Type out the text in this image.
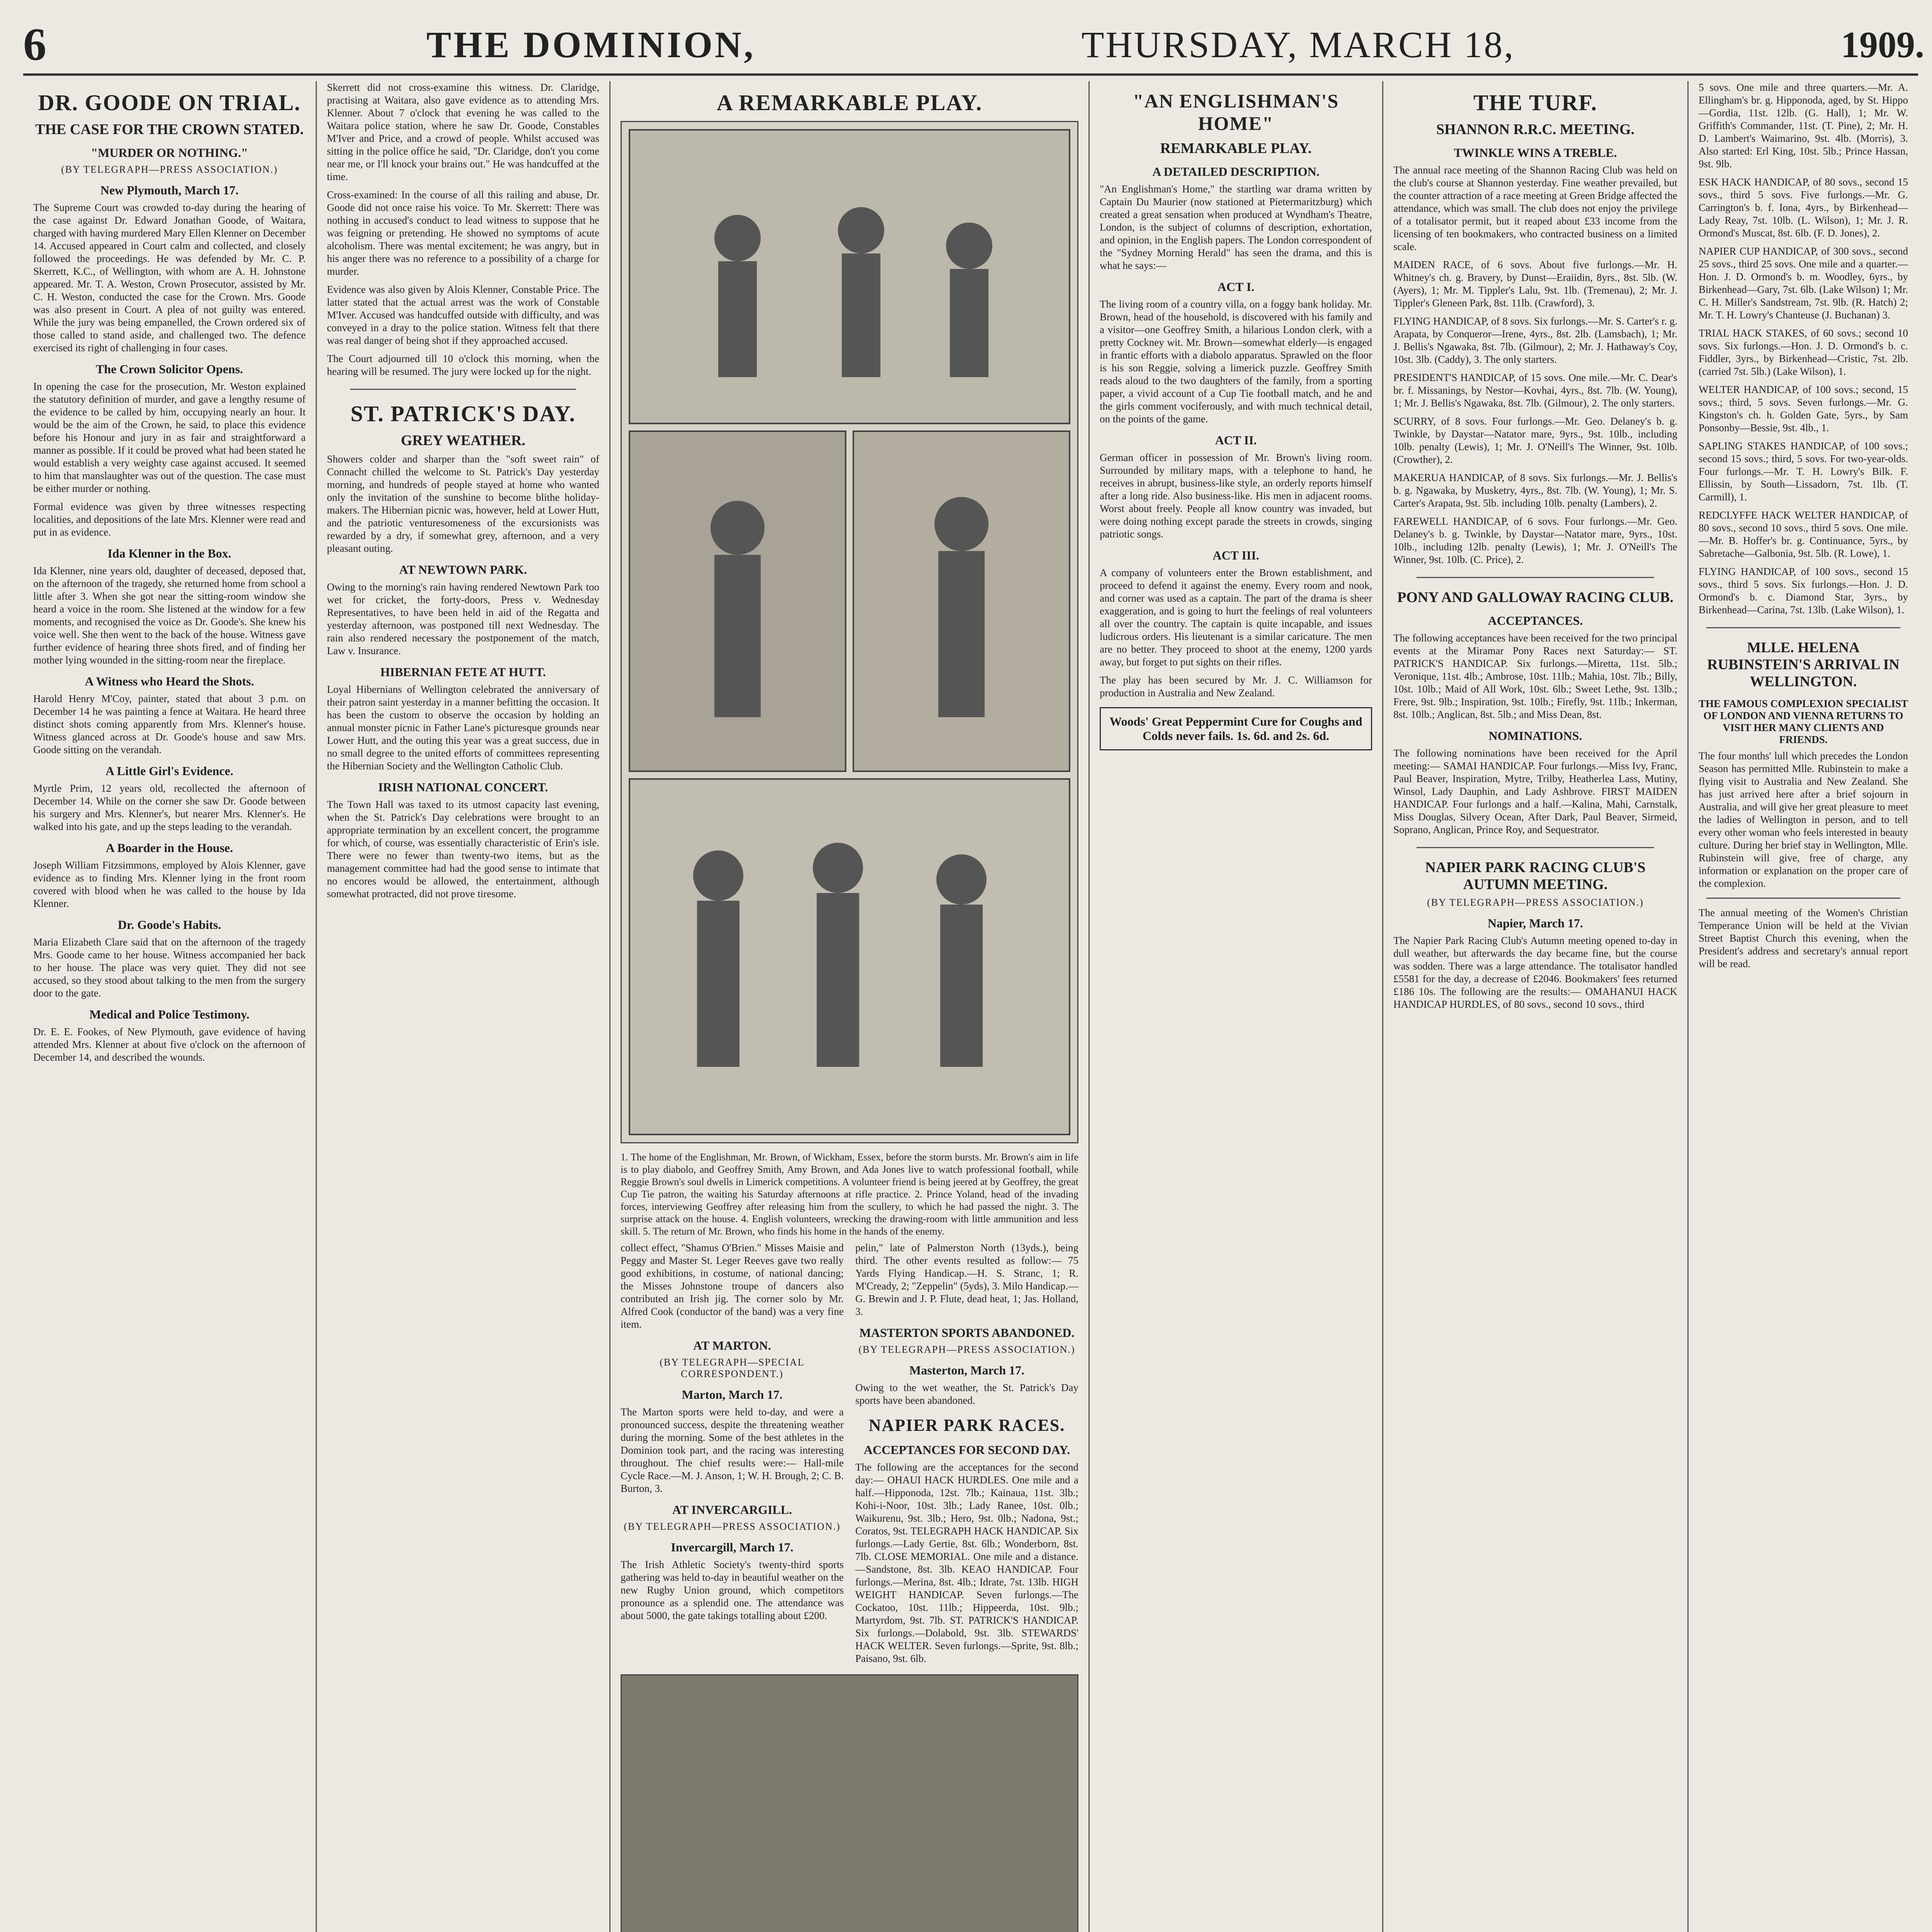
6	THE DOMINION,	THURSDAY, MARCH 18,	1909.
DR. GOODE ON TRIAL.
THE CASE FOR THE CROWN STATED.
"MURDER OR NOTHING."
(BY TELEGRAPH—PRESS ASSOCIATION.)
New Plymouth, March 17.

The Supreme Court was crowded to-day during the hearing of the case against Dr. Edward Jonathan Goode, of Waitara, charged with having murdered Mary Ellen Klenner on December 14. Accused appeared in Court calm and collected, and closely followed the proceedings. He was defended by Mr. C. P. Skerrett, K.C., of Wellington, with whom are A. H. Johnstone appeared. Mr. T. A. Weston, Crown Prosecutor, assisted by Mr. C. H. Weston, conducted the case for the Crown. Mrs. Goode was also present in Court. A plea of not guilty was entered. While the jury was being empanelled, the Crown ordered six of those called to stand aside, and challenged two. The defence exercised its right of challenging in four cases.

The Crown Solicitor Opens.

In opening the case for the prosecution, Mr. Weston explained the statutory definition of murder, and gave a lengthy resume of the evidence to be called by him, occupying nearly an hour. It would be the aim of the Crown, he said, to place this evidence before his Honour and jury in as fair and straightforward a manner as possible. If it could be proved what had been stated he would establish a very weighty case against accused. It seemed to him that manslaughter was out of the question. The case must be either murder or nothing.

Formal evidence was given by three witnesses respecting localities, and depositions of the late Mrs. Klenner were read and put in as evidence.

Ida Klenner in the Box.

Ida Klenner, nine years old, daughter of deceased, deposed that, on the afternoon of the tragedy, she returned home from school a little after 3. When she got near the sitting-room window she heard a voice in the room. She listened at the window for a few moments, and recognised the voice as Dr. Goode's. She knew his voice well. She then went to the back of the house. Witness gave further evidence of hearing three shots fired, and of finding her mother lying wounded in the sitting-room near the fireplace.

A Witness who Heard the Shots.

Harold Henry M'Coy, painter, stated that about 3 p.m. on December 14 he was painting a fence at Waitara. He heard three distinct shots coming apparently from Mrs. Klenner's house. Witness glanced across at Dr. Goode's house and saw Mrs. Goode sitting on the verandah.

A Little Girl's Evidence.

Myrtle Prim, 12 years old, recollected the afternoon of December 14. While on the corner she saw Dr. Goode between his surgery and Mrs. Klenner's, but nearer Mrs. Klenner's. He walked into his gate, and up the steps leading to the verandah.

A Boarder in the House.

Joseph William Fitzsimmons, employed by Alois Klenner, gave evidence as to finding Mrs. Klenner lying in the front room covered with blood when he was called to the house by Ida Klenner.

Dr. Goode's Habits.

Maria Elizabeth Clare said that on the afternoon of the tragedy Mrs. Goode came to her house. Witness accompanied her back to her house. The place was very quiet. They did not see accused, so they stood about talking to the men from the surgery door to the gate.

Medical and Police Testimony.

Dr. E. E. Fookes, of New Plymouth, gave evidence of having attended Mrs. Klenner at about five o'clock on the afternoon of December 14, and described the wounds.

Skerrett did not cross-examine this witness. Dr. Claridge, practising at Waitara, also gave evidence as to attending Mrs. Klenner. About 7 o'clock that evening he was called to the Waitara police station, where he saw Dr. Goode, Constables M'Iver and Price, and a crowd of people. Whilst accused was sitting in the police office he said, "Dr. Claridge, don't you come near me, or I'll knock your brains out." He was handcuffed at the time.

Cross-examined: In the course of all this railing and abuse, Dr. Goode did not once raise his voice. To Mr. Skerrett: There was nothing in accused's conduct to lead witness to suppose that he was feigning or pretending. He showed no symptoms of acute alcoholism. There was mental excitement; he was angry, but in his anger there was no reference to a possibility of a charge for murder.

Evidence was also given by Alois Klenner, Constable Price. The latter stated that the actual arrest was the work of Constable M'Iver. Accused was handcuffed outside with difficulty, and was conveyed in a dray to the police station. Witness felt that there was real danger of being shot if they approached accused.

The Court adjourned till 10 o'clock this morning, when the hearing will be resumed. The jury were locked up for the night.

ST. PATRICK'S DAY.
GREY WEATHER.

Showers colder and sharper than the "soft sweet rain" of Connacht chilled the welcome to St. Patrick's Day yesterday morning, and hundreds of people stayed at home who wanted only the invitation of the sunshine to become blithe holiday-makers. The Hibernian picnic was, however, held at Lower Hutt, and the patriotic venturesomeness of the excursionists was rewarded by a dry, if somewhat grey, afternoon, and a very pleasant outing.

AT NEWTOWN PARK.

Owing to the morning's rain having rendered Newtown Park too wet for cricket, the forty-doors, Press v. Wednesday Representatives, to have been held in aid of the Regatta and yesterday afternoon, was postponed till next Wednesday. The rain also rendered necessary the postponement of the match, Law v. Insurance.

HIBERNIAN FETE AT HUTT.

Loyal Hibernians of Wellington celebrated the anniversary of their patron saint yesterday in a manner befitting the occasion. It has been the custom to observe the occasion by holding an annual monster picnic in Father Lane's picturesque grounds near Lower Hutt, and the outing this year was a great success, due in no small degree to the united efforts of committees representing the Hibernian Society and the Wellington Catholic Club.

IRISH NATIONAL CONCERT.

The Town Hall was taxed to its utmost capacity last evening, when the St. Patrick's Day celebrations were brought to an appropriate termination by an excellent concert, the programme for which, of course, was essentially characteristic of Erin's isle. There were no fewer than twenty-two items, but as the management committee had had the good sense to intimate that no encores would be allowed, the entertainment, although somewhat protracted, did not prove tiresome.

A REMARKABLE PLAY.

1. The home of the Englishman, Mr. Brown, of Wickham, Essex, before the storm bursts. Mr. Brown's aim in life is to play diabolo, and Geoffrey Smith, Amy Brown, and Ada Jones live to watch professional football, while Reggie Brown's soul dwells in Limerick competitions. A volunteer friend is being jeered at by Geoffrey, the great Cup Tie patron, the waiting his Saturday afternoons at rifle practice. 2. Prince Yoland, head of the invading forces, interviewing Geoffrey after releasing him from the scullery, to which he had passed the night. 3. The surprise attack on the house. 4. English volunteers, wrecking the drawing-room with little ammunition and less skill. 5. The return of Mr. Brown, who finds his home in the hands of the enemy.

collect effect, "Shamus O'Brien." Misses Maisie and Peggy and Master St. Leger Reeves gave two really good exhibitions, in costume, of national dancing; the Misses Johnstone troupe of dancers also contributed an Irish jig. The corner solo by Mr. Alfred Cook (conductor of the band) was a very fine item.

AT MARTON.
(BY TELEGRAPH—SPECIAL CORRESPONDENT.)
Marton, March 17.

The Marton sports were held to-day, and were a pronounced success, despite the threatening weather during the morning. Some of the best athletes in the Dominion took part, and the racing was interesting throughout. The chief results were:— Hall-mile Cycle Race.—M. J. Anson, 1; W. H. Brough, 2; C. B. Burton, 3.

AT INVERCARGILL.
(BY TELEGRAPH—PRESS ASSOCIATION.)
Invercargill, March 17.

The Irish Athletic Society's twenty-third sports gathering was held to-day in beautiful weather on the new Rugby Union ground, which competitors pronounce as a splendid one. The attendance was about 5000, the gate takings totalling about £200.

pelin," late of Palmerston North (13yds.), being third. The other events resulted as follow:— 75 Yards Flying Handicap.—H. S. Stranc, 1; R. M'Cready, 2; "Zeppelin" (5yds), 3. Milo Handicap.—G. Brewin and J. P. Flute, dead heat, 1; Jas. Holland, 3.

MASTERTON SPORTS ABANDONED.
(BY TELEGRAPH—PRESS ASSOCIATION.)
Masterton, March 17.

Owing to the wet weather, the St. Patrick's Day sports have been abandoned.

NAPIER PARK RACES.
ACCEPTANCES FOR SECOND DAY.

The following are the acceptances for the second day:— OHAUI HACK HURDLES. One mile and a half.—Hipponoda, 12st. 7lb.; Kainaua, 11st. 3lb.; Kohi-i-Noor, 10st. 3lb.; Lady Ranee, 10st. 0lb.; Waikurenu, 9st. 3lb.; Hero, 9st. 0lb.; Nadona, 9st.; Coratos, 9st. TELEGRAPH HACK HANDICAP. Six furlongs.—Lady Gertie, 8st. 6lb.; Wonderborn, 8st. 7lb. CLOSE MEMORIAL. One mile and a distance.—Sandstone, 8st. 3lb. KEAO HANDICAP. Four furlongs.—Merina, 8st. 4lb.; Idrate, 7st. 13lb. HIGH WEIGHT HANDICAP. Seven furlongs.—The Cockatoo, 10st. 11lb.; Hippeerda, 10st. 9lb.; Martyrdom, 9st. 7lb. ST. PATRICK'S HANDICAP. Six furlongs.—Dolabold, 9st. 3lb. STEWARDS' HACK WELTER. Seven furlongs.—Sprite, 9st. 8lb.; Paisano, 9st. 6lb.

"AN ENGLISHMAN'S HOME"
REMARKABLE PLAY.
A DETAILED DESCRIPTION.

"An Englishman's Home," the startling war drama written by Captain Du Maurier (now stationed at Pietermaritzburg) which created a great sensation when produced at Wyndham's Theatre, London, is the subject of columns of description, exhortation, and opinion, in the English papers. The London correspondent of the "Sydney Morning Herald" has seen the drama, and this is what he says:—

ACT I.

The living room of a country villa, on a foggy bank holiday. Mr. Brown, head of the household, is discovered with his family and a visitor—one Geoffrey Smith, a hilarious London clerk, with a pretty Cockney wit. Mr. Brown—somewhat elderly—is engaged in frantic efforts with a diabolo apparatus. Sprawled on the floor is his son Reggie, solving a limerick puzzle. Geoffrey Smith reads aloud to the two daughters of the family, from a sporting paper, a vivid account of a Cup Tie football match, and he and the girls comment vociferously, and with much technical detail, on the points of the game.

ACT II.

German officer in possession of Mr. Brown's living room. Surrounded by military maps, with a telephone to hand, he receives in abrupt, business-like style, an orderly reports himself after a long ride. Also business-like. His men in adjacent rooms. Worst about freely. People all know country was invaded, but were doing nothing except parade the streets in crowds, singing patriotic songs.

ACT III.

A company of volunteers enter the Brown establishment, and proceed to defend it against the enemy. Every room and nook, and corner was used as a captain. The part of the drama is sheer exaggeration, and is going to hurt the feelings of real volunteers all over the country. The captain is quite incapable, and issues ludicrous orders. His lieutenant is a similar caricature. The men are no better. They proceed to shoot at the enemy, 1200 yards away, but forget to put sights on their rifles.

The play has been secured by Mr. J. C. Williamson for production in Australia and New Zealand.

Woods' Great Peppermint Cure for Coughs and Colds never fails. 1s. 6d. and 2s. 6d.
THE TURF.
SHANNON R.R.C. MEETING.
TWINKLE WINS A TREBLE.

The annual race meeting of the Shannon Racing Club was held on the club's course at Shannon yesterday. Fine weather prevailed, but the counter attraction of a race meeting at Green Bridge affected the attendance, which was small. The club does not enjoy the privilege of a totalisator permit, but it reaped about £33 income from the licensing of ten bookmakers, who contracted business on a limited scale.

MAIDEN RACE, of 6 sovs. About five furlongs.—Mr. H. Whitney's ch. g. Bravery, by Dunst—Eraiidin, 8yrs., 8st. 5lb. (W. (Ayers), 1; Mr. M. Tippler's Lalu, 9st. 1lb. (Tremenau), 2; Mr. J. Tippler's Gleneen Park, 8st. 11lb. (Crawford), 3.

FLYING HANDICAP, of 8 sovs. Six furlongs.—Mr. S. Carter's r. g. Arapata, by Conqueror—Irene, 4yrs., 8st. 2lb. (Lamsbach), 1; Mr. J. Bellis's Ngawaka, 8st. 7lb. (Gilmour), 2; Mr. J. Hathaway's Coy, 10st. 3lb. (Caddy), 3. The only starters.

PRESIDENT'S HANDICAP, of 15 sovs. One mile.—Mr. C. Dear's br. f. Missanings, by Nestor—Kovhai, 4yrs., 8st. 7lb. (W. Young), 1; Mr. J. Bellis's Ngawaka, 8st. 7lb. (Gilmour), 2. The only starters.

SCURRY, of 8 sovs. Four furlongs.—Mr. Geo. Delaney's b. g. Twinkle, by Daystar—Natator mare, 9yrs., 9st. 10lb., including 10lb. penalty (Lewis), 1; Mr. J. O'Neill's The Winner, 9st. 10lb. (Crowther), 2.

MAKERUA HANDICAP, of 8 sovs. Six furlongs.—Mr. J. Bellis's b. g. Ngawaka, by Musketry, 4yrs., 8st. 7lb. (W. Young), 1; Mr. S. Carter's Arapata, 9st. 5lb. including 10lb. penalty (Lambers), 2.

FAREWELL HANDICAP, of 6 sovs. Four furlongs.—Mr. Geo. Delaney's b. g. Twinkle, by Daystar—Natator mare, 9yrs., 10st. 10lb., including 12lb. penalty (Lewis), 1; Mr. J. O'Neill's The Winner, 9st. 10lb. (C. Price), 2.

PONY AND GALLOWAY RACING CLUB.
ACCEPTANCES.

The following acceptances have been received for the two principal events at the Miramar Pony Races next Saturday:— ST. PATRICK'S HANDICAP. Six furlongs.—Miretta, 11st. 5lb.; Veronique, 11st. 4lb.; Ambrose, 10st. 11lb.; Mahia, 10st. 7lb.; Billy, 10st. 10lb.; Maid of All Work, 10st. 6lb.; Sweet Lethe, 9st. 13lb.; Frere, 9st. 9lb.; Inspiration, 9st. 10lb.; Firefly, 9st. 11lb.; Inkerman, 8st. 10lb.; Anglican, 8st. 5lb.; and Miss Dean, 8st.

NOMINATIONS.

The following nominations have been received for the April meeting:— SAMAI HANDICAP. Four furlongs.—Miss Ivy, Franc, Paul Beaver, Inspiration, Mytre, Trilby, Heatherlea Lass, Mutiny, Winsol, Lady Dauphin, and Lady Ashbrove. FIRST MAIDEN HANDICAP. Four furlongs and a half.—Kalina, Mahi, Carnstalk, Miss Douglas, Silvery Ocean, After Dark, Paul Beaver, Sirmeid, Soprano, Anglican, Prince Roy, and Sequestrator.

NAPIER PARK RACING CLUB'S AUTUMN MEETING.
(BY TELEGRAPH—PRESS ASSOCIATION.)
Napier, March 17.

The Napier Park Racing Club's Autumn meeting opened to-day in dull weather, but afterwards the day became fine, but the course was sodden. There was a large attendance. The totalisator handled £5581 for the day, a decrease of £2046. Bookmakers' fees returned £186 10s. The following are the results:— OMAHANUI HACK HANDICAP HURDLES, of 80 sovs., second 10 sovs., third

5 sovs. One mile and three quarters.—Mr. A. Ellingham's br. g. Hipponoda, aged, by St. Hippo—Gordia, 11st. 12lb. (G. Hall), 1; Mr. W. Griffith's Commander, 11st. (T. Pine), 2; Mr. H. D. Lambert's Waimarino, 9st. 4lb. (Morris), 3. Also started: Erl King, 10st. 5lb.; Prince Hassan, 9st. 9lb.

ESK HACK HANDICAP, of 80 sovs., second 15 sovs., third 5 sovs. Five furlongs.—Mr. G. Carrington's b. f. Iona, 4yrs., by Birkenhead—Lady Reay, 7st. 10lb. (L. Wilson), 1; Mr. J. R. Ormond's Muscat, 8st. 6lb. (F. D. Jones), 2.

NAPIER CUP HANDICAP, of 300 sovs., second 25 sovs., third 25 sovs. One mile and a quarter.—Hon. J. D. Ormond's b. m. Woodley, 6yrs., by Birkenhead—Gary, 7st. 6lb. (Lake Wilson) 1; Mr. C. H. Miller's Sandstream, 7st. 9lb. (R. Hatch) 2; Mr. T. H. Lowry's Chanteuse (J. Buchanan) 3.

TRIAL HACK STAKES, of 60 sovs.; second 10 sovs. Six furlongs.—Hon. J. D. Ormond's b. c. Fiddler, 3yrs., by Birkenhead—Cristic, 7st. 2lb. (carried 7st. 5lb.) (Lake Wilson), 1.

WELTER HANDICAP, of 100 sovs.; second, 15 sovs.; third, 5 sovs. Seven furlongs.—Mr. G. Kingston's ch. h. Golden Gate, 5yrs., by Sam Ponsonby—Bessie, 9st. 4lb., 1.

SAPLING STAKES HANDICAP, of 100 sovs.; second 15 sovs.; third, 5 sovs. For two-year-olds. Four furlongs.—Mr. T. H. Lowry's Bilk. F. Ellissin, by South—Lissadorn, 7st. 1lb. (T. Carmill), 1.

REDCLYFFE HACK WELTER HANDICAP, of 80 sovs., second 10 sovs., third 5 sovs. One mile.—Mr. B. Hoffer's br. g. Continuance, 5yrs., by Sabretache—Galbonia, 9st. 5lb. (R. Lowe), 1.

FLYING HANDICAP, of 100 sovs., second 15 sovs., third 5 sovs. Six furlongs.—Hon. J. D. Ormond's b. c. Diamond Star, 3yrs., by Birkenhead—Carina, 7st. 13lb. (Lake Wilson), 1.

MLLE. HELENA RUBINSTEIN'S ARRIVAL IN WELLINGTON.
THE FAMOUS COMPLEXION SPECIALIST OF LONDON AND VIENNA RETURNS TO VISIT HER MANY CLIENTS AND FRIENDS.

The four months' lull which precedes the London Season has permitted Mlle. Rubinstein to make a flying visit to Australia and New Zealand. She has just arrived here after a brief sojourn in Australia, and will give her great pleasure to meet the ladies of Wellington in person, and to tell every other woman who feels interested in beauty culture. During her brief stay in Wellington, Mlle. Rubinstein will give, free of charge, any information or explanation on the proper care of the complexion.

The annual meeting of the Women's Christian Temperance Union will be held at the Vivian Street Baptist Church this evening, when the President's address and secretary's annual report will be read.
